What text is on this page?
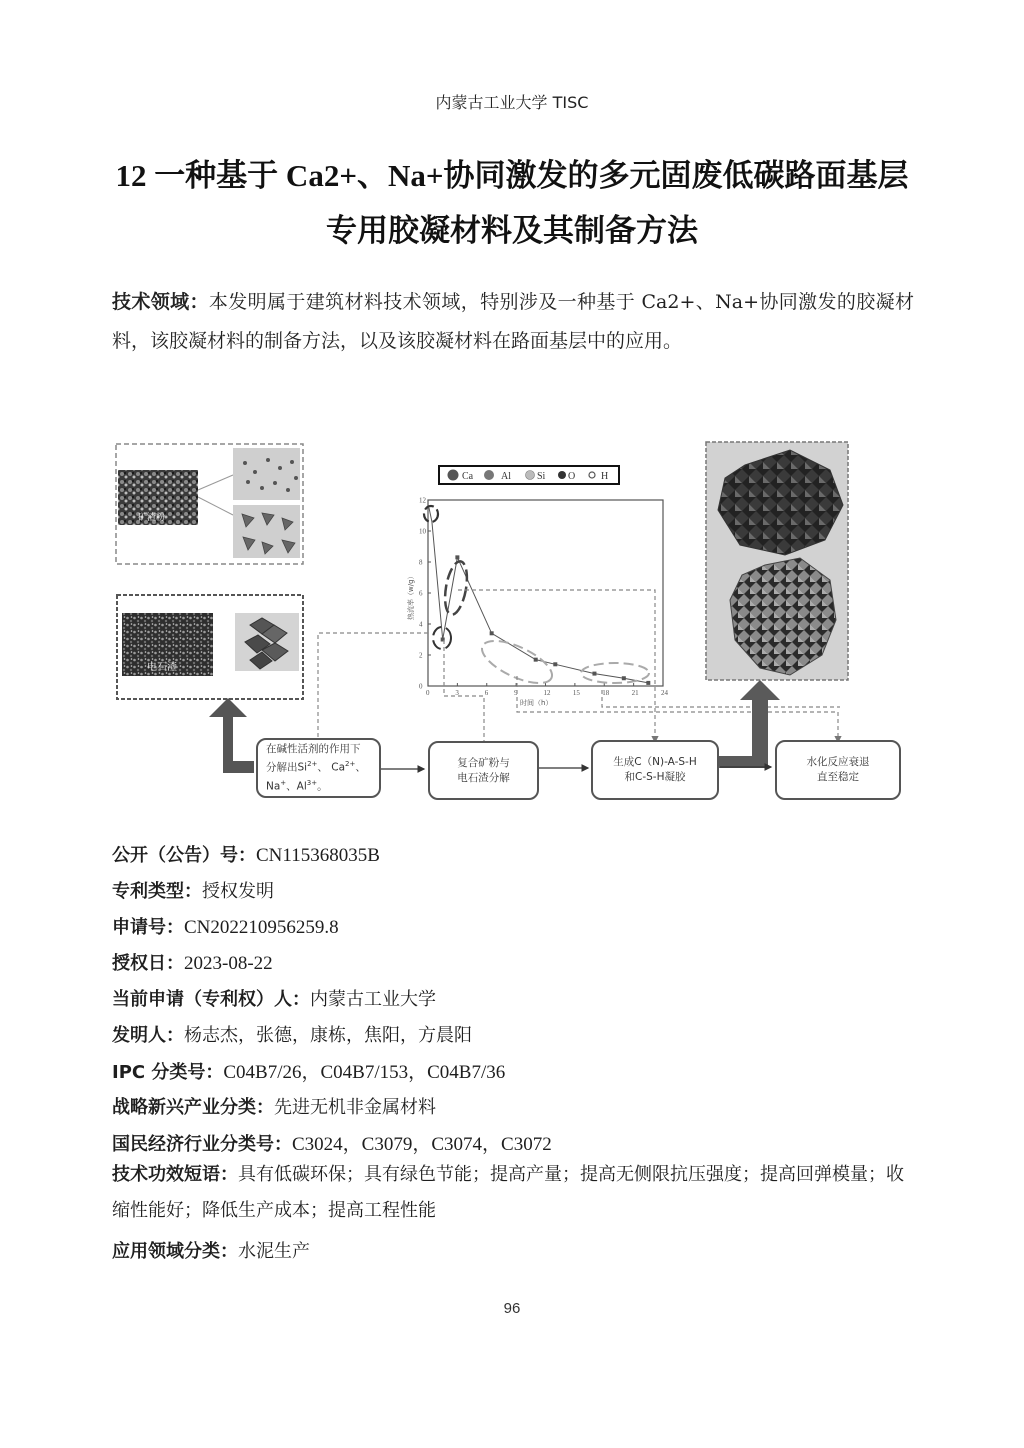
内蒙古工业大学 TISC
12 一种基于 Ca2+、Na+协同激发的多元固废低碳路面基层
专用胶凝材料及其制备方法
技术领域：本发明属于建筑材料技术领域，特别涉及一种基于 Ca2+、Na+协同激发的胶凝材料，该胶凝材料的制备方法，以及该胶凝材料在路面基层中的应用。
矿渣粉
电石渣
Ca	Al	Si O	H
0
2
4
6
8
10
12
0	3	6	9	12	15	18	21	24
热流率（w/g）
时间（h）
在碱性活剂的作用下
分解出$Si^{2+}$、 $Ca^{2+}$、
Na+、$Al^{3+}$。
复合矿粉与
电石渣分解
生成C（N)-A-S-H
和C-S-H凝胶
水化反应衰退
直至稳定
公开（公告）号：CN115368035B
专利类型：授权发明
申请号：CN202210956259.8
授权日：2023-08-22
当前申请（专利权）人：内蒙古工业大学
发明人：杨志杰，张德，康栋，焦阳，方晨阳
IPC 分类号：C04B7/26，C04B7/153，C04B7/36
战略新兴产业分类：先进无机非金属材料
国民经济行业分类号：C3024，C3079，C3074，C3072
技术功效短语：具有低碳环保；具有绿色节能；提高产量；提高无侧限抗压强度；提高回弹模量；收缩性能好；降低生产成本；提高工程性能
应用领域分类：水泥生产
96
